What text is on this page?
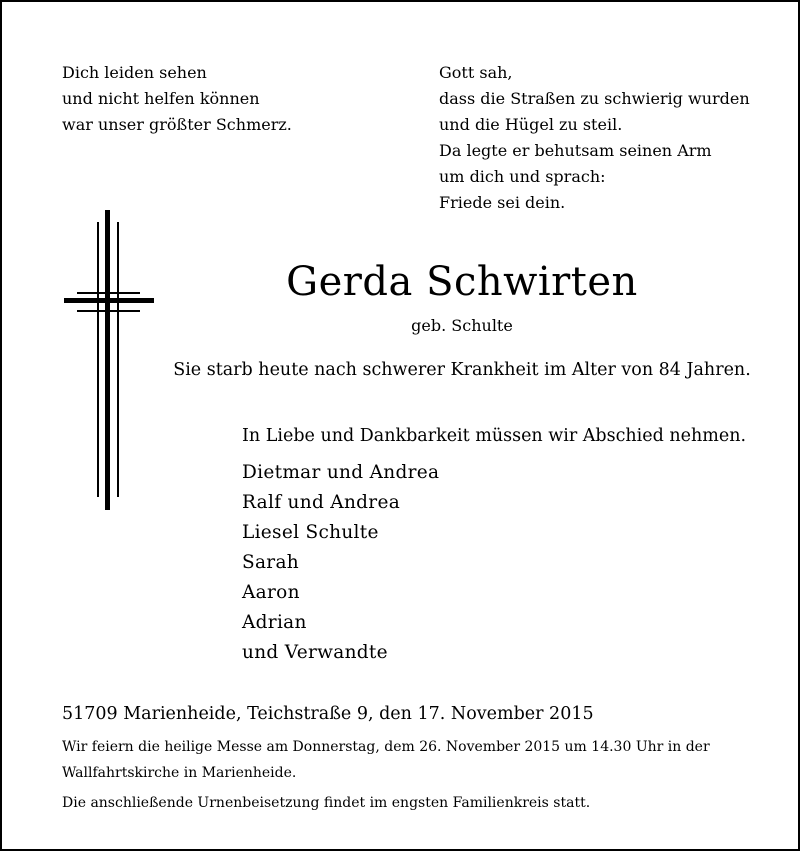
Dich leiden sehen
und nicht helfen können
war unser größter Schmerz.
Gott sah,
dass die Straßen zu schwierig wurden
und die Hügel zu steil.
Da legte er behutsam seinen Arm
um dich und sprach:
Friede sei dein.
Gerda Schwirten
geb. Schulte
Sie starb heute nach schwerer Krankheit im Alter von 84 Jahren.
In Liebe und Dankbarkeit müssen wir Abschied nehmen.
Dietmar und Andrea
Ralf und Andrea
Liesel Schulte
Sarah
Aaron
Adrian
und Verwandte
51709 Marienheide, Teichstraße 9, den 17. November 2015
Wir feiern die heilige Messe am Donnerstag, dem 26. November 2015 um 14.30 Uhr in der
Wallfahrtskirche in Marienheide.
Die anschließende Urnenbeisetzung findet im engsten Familienkreis statt.
